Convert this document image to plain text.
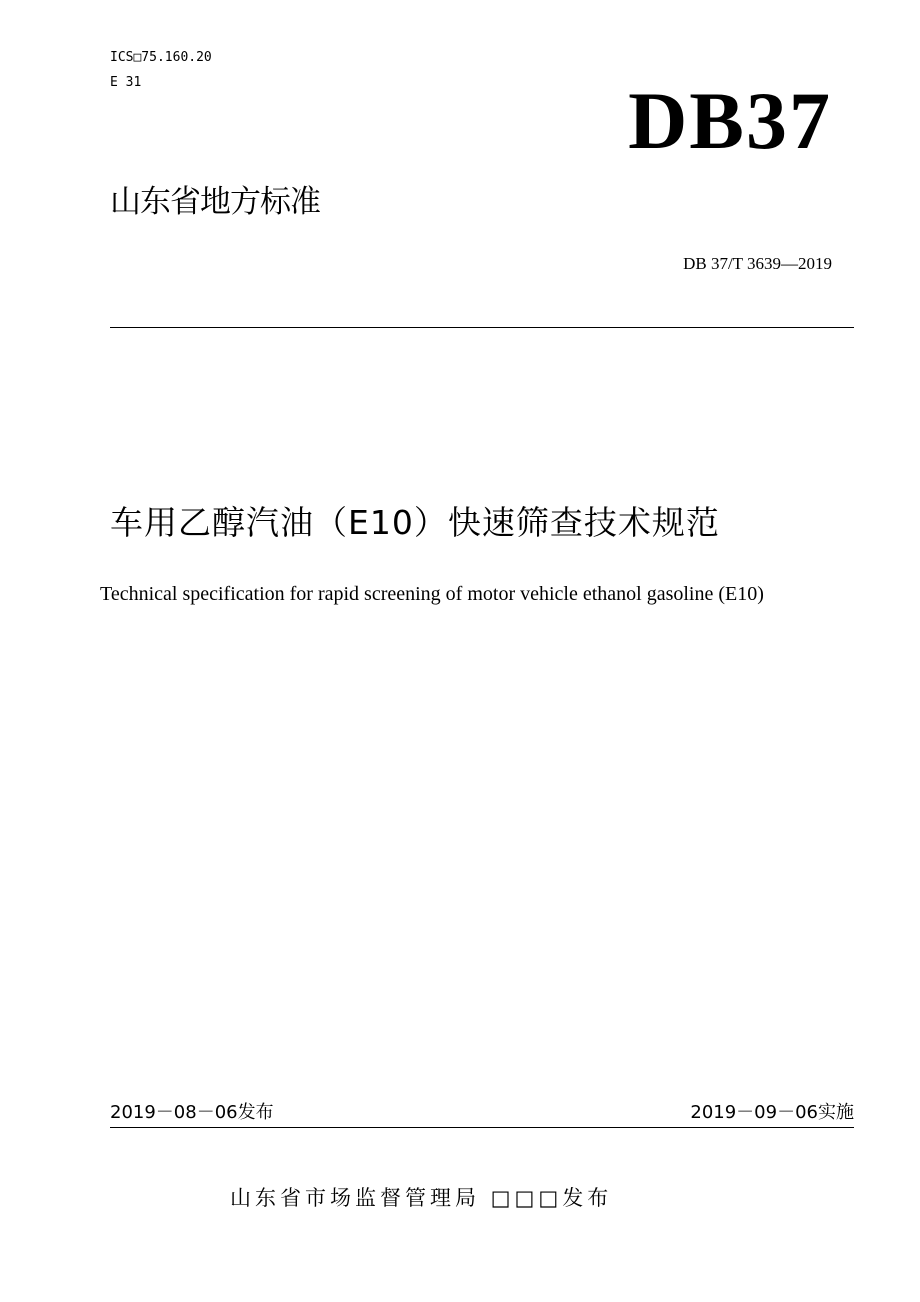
ICS□75.160.20
E 31	DB37
山东省地方标准
DB 37/T 3639—2019
车用乙醇汽油（E10）快速筛查技术规范
Technical specification for rapid screening of motor vehicle ethanol gasoline (E10)
2019－08－06发布	2019－09－06实施
山东省市场监督管理局 □□□发布
